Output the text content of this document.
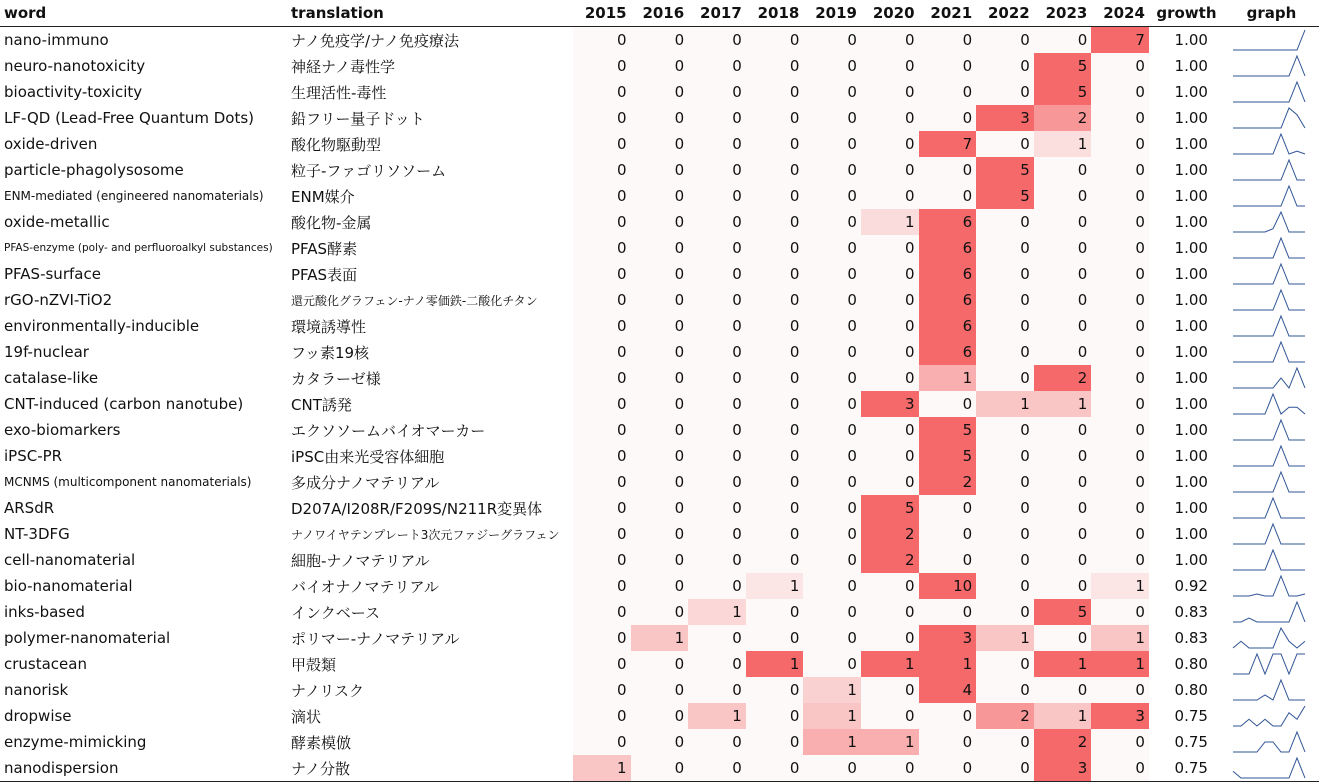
word	translation	2015	2016	2017	2018	2019	2020	2021	2022	2023	2024	growth	graph
nano-immuno	ナノ免疫学/ナノ免疫療法	0	0	0	0	0	0	0	0	0	7	1.00	

neuro-nanotoxicity	神経ナノ毒性学	0	0	0	0	0	0	0	0	5	0	1.00	

bioactivity-toxicity	生理活性-毒性	0	0	0	0	0	0	0	0	5	0	1.00	

LF-QD (Lead-Free Quantum Dots)	鉛フリー量子ドット	0	0	0	0	0	0	0	3	2	0	1.00	

oxide-driven	酸化物駆動型	0	0	0	0	0	0	7	0	1	0	1.00	

particle-phagolysosome	粒子-ファゴリソソーム	0	0	0	0	0	0	0	5	0	0	1.00	

ENM-mediated (engineered nanomaterials)	ENM媒介	0	0	0	0	0	0	0	5	0	0	1.00	

oxide-metallic	酸化物-金属	0	0	0	0	0	1	6	0	0	0	1.00	

PFAS-enzyme (poly- and perfluoroalkyl substances)	PFAS酵素	0	0	0	0	0	0	6	0	0	0	1.00	

PFAS-surface	PFAS表面	0	0	0	0	0	0	6	0	0	0	1.00	

rGO-nZVI-TiO2	還元酸化グラフェン-ナノ零価鉄-二酸化チタン	0	0	0	0	0	0	6	0	0	0	1.00	

environmentally-inducible	環境誘導性	0	0	0	0	0	0	6	0	0	0	1.00	

19f-nuclear	フッ素19核	0	0	0	0	0	0	6	0	0	0	1.00	

catalase-like	カタラーゼ様	0	0	0	0	0	0	1	0	2	0	1.00	

CNT-induced (carbon nanotube)	CNT誘発	0	0	0	0	0	3	0	1	1	0	1.00	

exo-biomarkers	エクソソームバイオマーカー	0	0	0	0	0	0	5	0	0	0	1.00	

iPSC-PR	iPSC由来光受容体細胞	0	0	0	0	0	0	5	0	0	0	1.00	

MCNMS (multicomponent nanomaterials)	多成分ナノマテリアル	0	0	0	0	0	0	2	0	0	0	1.00	

ARSdR	D207A/I208R/F209S/N211R変異体	0	0	0	0	0	5	0	0	0	0	1.00	

NT-3DFG	ナノワイヤテンプレート3次元ファジーグラフェン	0	0	0	0	0	2	0	0	0	0	1.00	

cell-nanomaterial	細胞-ナノマテリアル	0	0	0	0	0	2	0	0	0	0	1.00	

bio-nanomaterial	バイオナノマテリアル	0	0	0	1	0	0	10	0	0	1	0.92	

inks-based	インクベース	0	0	1	0	0	0	0	0	5	0	0.83	

polymer-nanomaterial	ポリマー-ナノマテリアル	0	1	0	0	0	0	3	1	0	1	0.83	

crustacean	甲殻類	0	0	0	1	0	1	1	0	1	1	0.80	

nanorisk	ナノリスク	0	0	0	0	1	0	4	0	0	0	0.80	

dropwise	滴状	0	0	1	0	1	0	0	2	1	3	0.75	

enzyme-mimicking	酵素模倣	0	0	0	0	1	1	0	0	2	0	0.75	

nanodispersion	ナノ分散	1	0	0	0	0	0	0	0	3	0	0.75	
